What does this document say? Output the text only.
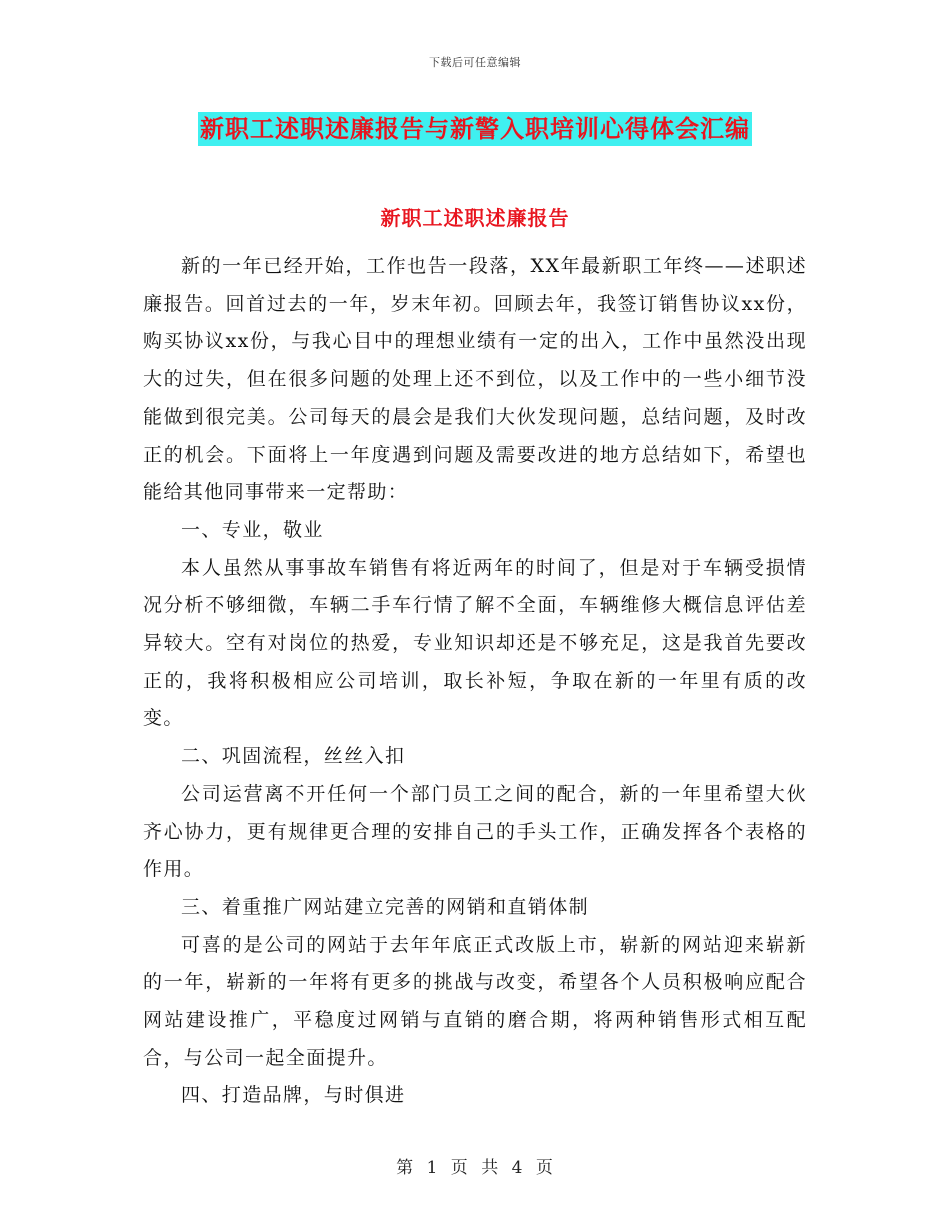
下载后可任意编辑
新职工述职述廉报告与新警入职培训心得体会汇编
新职工述职述廉报告

新的一年已经开始，工作也告一段落，XX年最新职工年终——述职述廉报告。回首过去的一年，岁末年初。回顾去年，我签订销售协议xx份，购买协议xx份，与我心目中的理想业绩有一定的出入，工作中虽然没出现大的过失，但在很多问题的处理上还不到位，以及工作中的一些小细节没能做到很完美。公司每天的晨会是我们大伙发现问题，总结问题，及时改正的机会。下面将上一年度遇到问题及需要改进的地方总结如下，希望也能给其他同事带来一定帮助：

一、专业，敬业

本人虽然从事事故车销售有将近两年的时间了，但是对于车辆受损情况分析不够细微，车辆二手车行情了解不全面，车辆维修大概信息评估差异较大。空有对岗位的热爱，专业知识却还是不够充足，这是我首先要改正的，我将积极相应公司培训，取长补短，争取在新的一年里有质的改变。

二、巩固流程，丝丝入扣

公司运营离不开任何一个部门员工之间的配合，新的一年里希望大伙齐心协力，更有规律更合理的安排自己的手头工作，正确发挥各个表格的作用。

三、着重推广网站建立完善的网销和直销体制

可喜的是公司的网站于去年年底正式改版上市，崭新的网站迎来崭新的一年，崭新的一年将有更多的挑战与改变，希望各个人员积极响应配合网站建设推广，平稳度过网销与直销的磨合期，将两种销售形式相互配合，与公司一起全面提升。

四、打造品牌，与时俱进

第 1 页 共 4 页
